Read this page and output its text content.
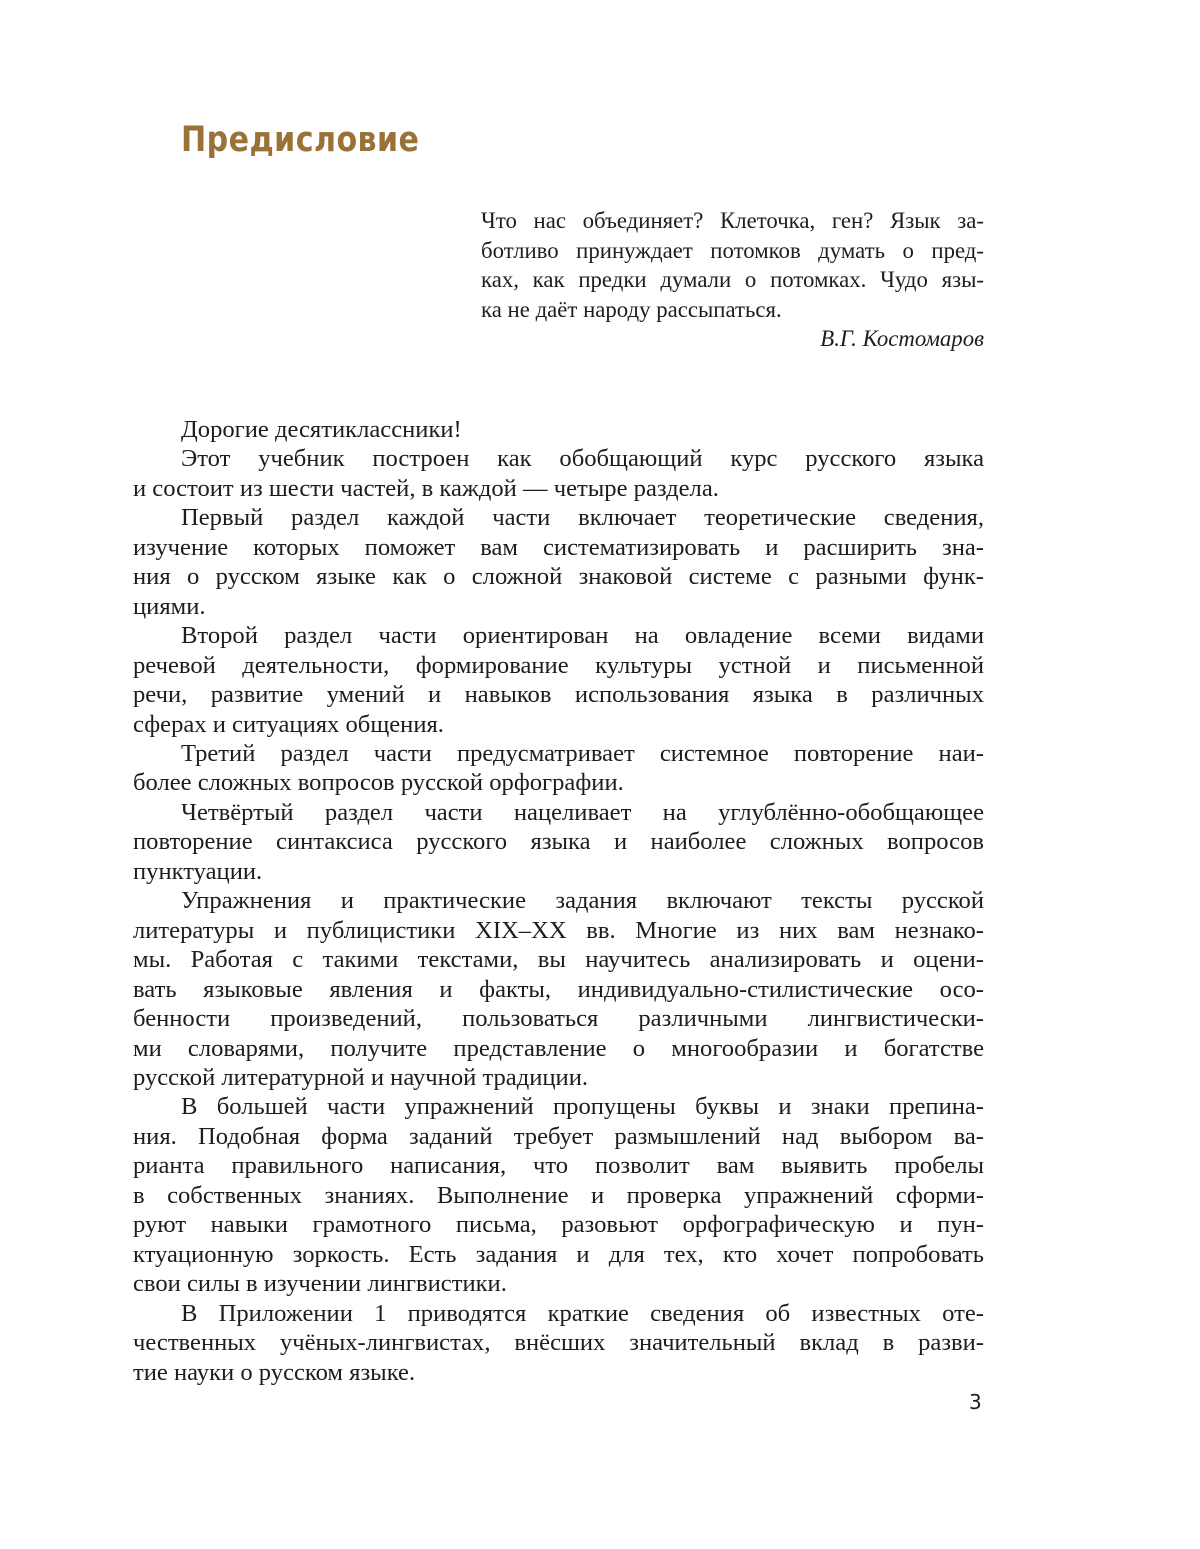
Предисловие
Что нас объединяет? Клеточка, ген? Язык за-
ботливо принуждает потомков думать о пред-
ках, как предки думали о потомках. Чудо язы-
ка не даёт народу рассыпаться.
В.Г. Костомаров
Дорогие десятиклассники!
Этот учебник построен как обобщающий курс русского языка
и состоит из шести частей, в каждой — четыре раздела.
Первый раздел каждой части включает теоретические сведения,
изучение которых поможет вам систематизировать и расширить зна-
ния о русском языке как о сложной знаковой системе с разными функ-
циями.
Второй раздел части ориентирован на овладение всеми видами
речевой деятельности, формирование культуры устной и письменной
речи, развитие умений и навыков использования языка в различных
сферах и ситуациях общения.
Третий раздел части предусматривает системное повторение наи-
более сложных вопросов русской орфографии.
Четвёртый раздел части нацеливает на углублённо-обобщающее
повторение синтаксиса русского языка и наиболее сложных вопросов
пунктуации.
Упражнения и практические задания включают тексты русской
литературы и публицистики XIX–XX вв. Многие из них вам незнако-
мы. Работая с такими текстами, вы научитесь анализировать и оцени-
вать языковые явления и факты, индивидуально-стилистические осо-
бенности произведений, пользоваться различными лингвистически-
ми словарями, получите представление о многообразии и богатстве
русской литературной и научной традиции.
В большей части упражнений пропущены буквы и знаки препина-
ния. Подобная форма заданий требует размышлений над выбором ва-
рианта правильного написания, что позволит вам выявить пробелы
в собственных знаниях. Выполнение и проверка упражнений сформи-
руют навыки грамотного письма, разовьют орфографическую и пун-
ктуационную зоркость. Есть задания и для тех, кто хочет попробовать
свои силы в изучении лингвистики.
В Приложении 1 приводятся краткие сведения об известных оте-
чественных учёных-лингвистах, внёсших значительный вклад в разви-
тие науки о русском языке.
3
